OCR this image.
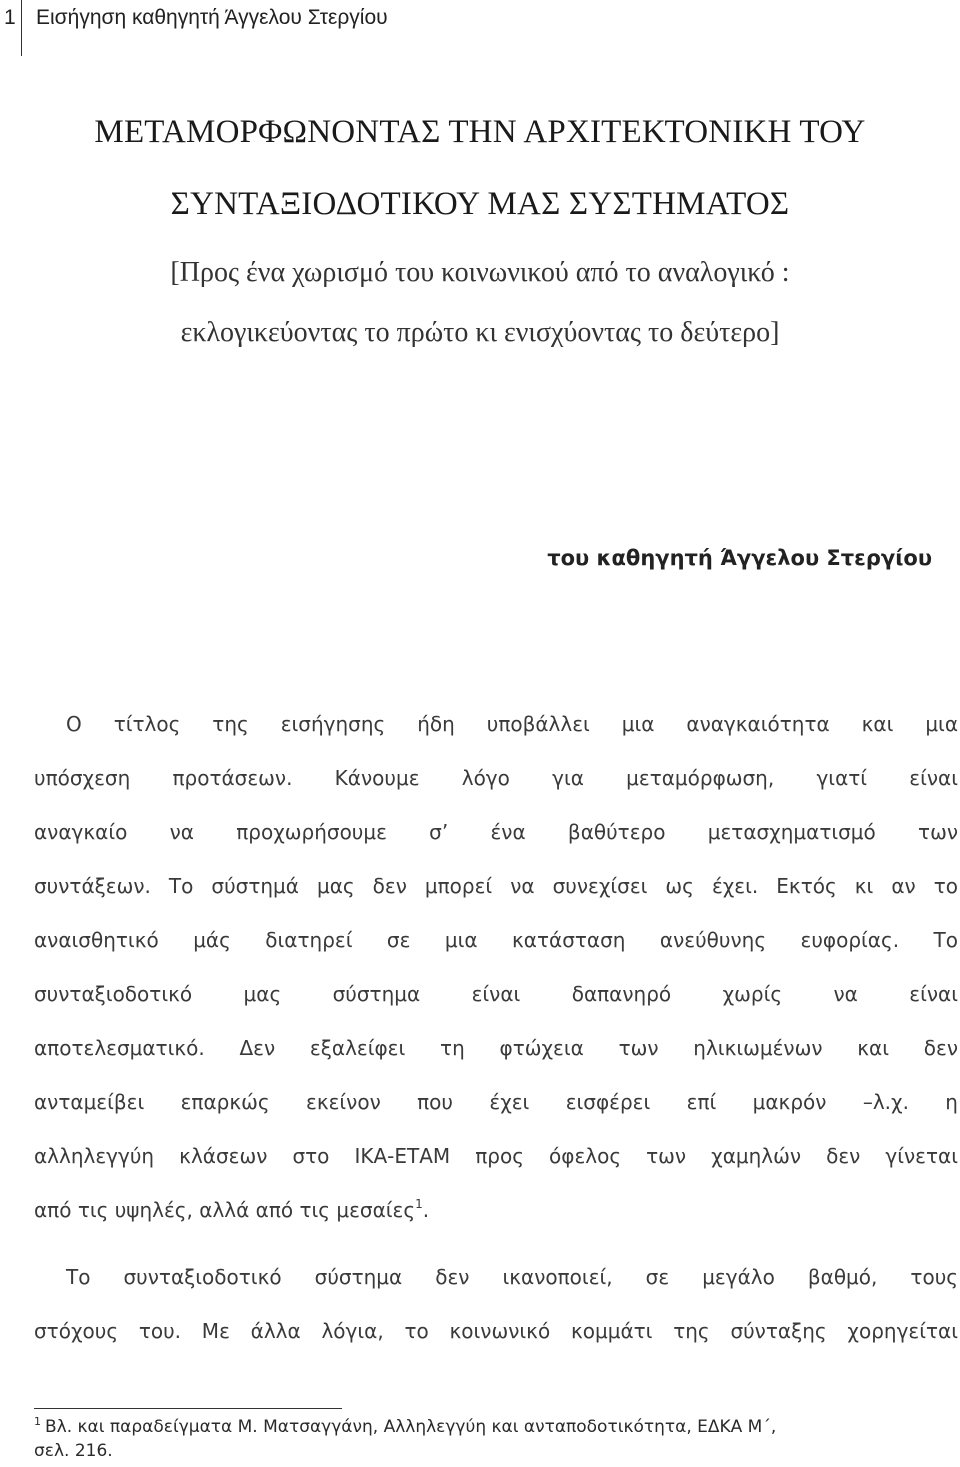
1 Εισήγηση καθηγητή Άγγελου Στεργίου
ΜΕΤΑΜΟΡΦΩΝΟΝΤΑΣ ΤΗΝ ΑΡΧΙΤΕΚΤΟΝΙΚΗ ΤΟΥ
ΣΥΝΤΑΞΙΟΔΟΤΙΚΟΥ ΜΑΣ ΣΥΣΤΗΜΑΤΟΣ
[Προς ένα χωρισμό του κοινωνικού από το αναλογικό :
εκλογικεύοντας το πρώτο κι ενισχύοντας το δεύτερο]
του καθηγητή Άγγελου Στεργίου
Ο τίτλος της εισήγησης ήδη υποβάλλει μια αναγκαιότητα και μια
υπόσχεση προτάσεων. Κάνουμε λόγο για μεταμόρφωση, γιατί είναι
αναγκαίο να προχωρήσουμε σ’ ένα βαθύτερο μετασχηματισμό των
συντάξεων. Το σύστημά μας δεν μπορεί να συνεχίσει ως έχει. Εκτός κι αν το
αναισθητικό μάς διατηρεί σε μια κατάσταση ανεύθυνης ευφορίας. Το
συνταξιοδοτικό μας σύστημα είναι δαπανηρό χωρίς να είναι
αποτελεσματικό. Δεν εξαλείφει τη φτώχεια των ηλικιωμένων και δεν
ανταμείβει επαρκώς εκείνον που έχει εισφέρει επί μακρόν –λ.χ. η
αλληλεγγύη κλάσεων στο ΙΚΑ-ΕΤΑΜ προς όφελος των χαμηλών δεν γίνεται
από τις υψηλές, αλλά από τις μεσαίες$^1$.
Το συνταξιοδοτικό σύστημα δεν ικανοποιεί, σε μεγάλο βαθμό, τους
στόχους του. Με άλλα λόγια, το κοινωνικό κομμάτι της σύνταξης χορηγείται
$^1$ Βλ. και παραδείγματα Μ. Ματσαγγάνη, Αλληλεγγύη και ανταποδοτικότητα, ΕΔΚΑ Μ΄,
σελ. 216.
